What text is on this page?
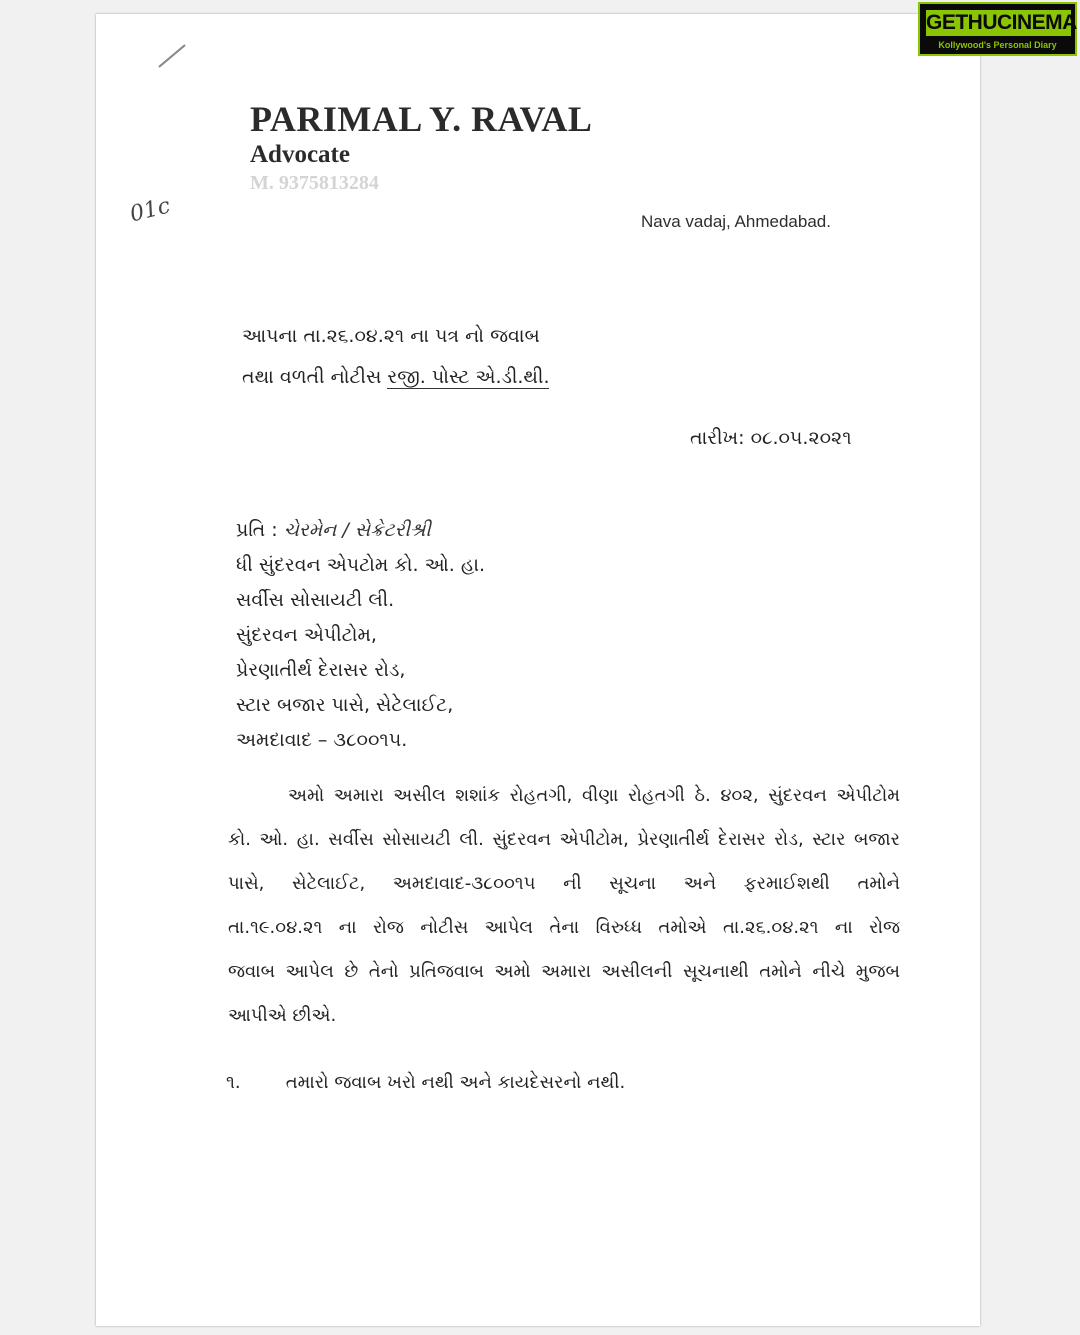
GETHUCINEMA
Kollywood's Personal Diary
PARIMAL Y. RAVAL
Advocate
M. 9375813284

Nava vadaj, Ahmedabad.
01c
આપના તા.૨૬.૦૪.૨૧ ના પત્ર નો જવાબ
તથા વળતી નોટીસ રજી. પોસ્ટ એ.ડી.થી.
તારીખ: ૦૮.૦૫.૨૦૨૧
પ્રતિ : ચેરમેન / સેક્રેટરીશ્રી
ધી સુંદરવન એપટોમ કો. ઓ. હા.
સર્વીસ સોસાયટી લી.
સુંદરવન એપીટોમ,
પ્રેરણાતીર્થ દેરાસર રોડ,
સ્ટાર બજાર પાસે, સેટેલાઈટ,
અમદાવાદ – ૩૮૦૦૧૫.
અમો અમારા અસીલ શશાંક રોહતગી, વીણા રોહતગી ઠે. ૪૦૨, સુંદરવન એપીટોમ
કો. ઓ. હા. સર્વીસ સોસાયટી લી. સુંદરવન એપીટોમ, પ્રેરણાતીર્થ દેરાસર રોડ, સ્ટાર બજાર
પાસે, સેટેલાઈટ, અમદાવાદ-૩૮૦૦૧૫ ની સૂચના અને ફરમાઈશથી તમોને
તા.૧૯.૦૪.૨૧ ના રોજ નોટીસ આપેલ તેના વિરુધ્ધ તમોએ તા.૨૬.૦૪.૨૧ ના રોજ
જવાબ આપેલ છે તેનો પ્રતિજવાબ અમો અમારા અસીલની સૂચનાથી તમોને નીચે મુજબ
આપીએ છીએ.
૧.	તમારો જવાબ ખરો નથી અને કાયદેસરનો નથી.
